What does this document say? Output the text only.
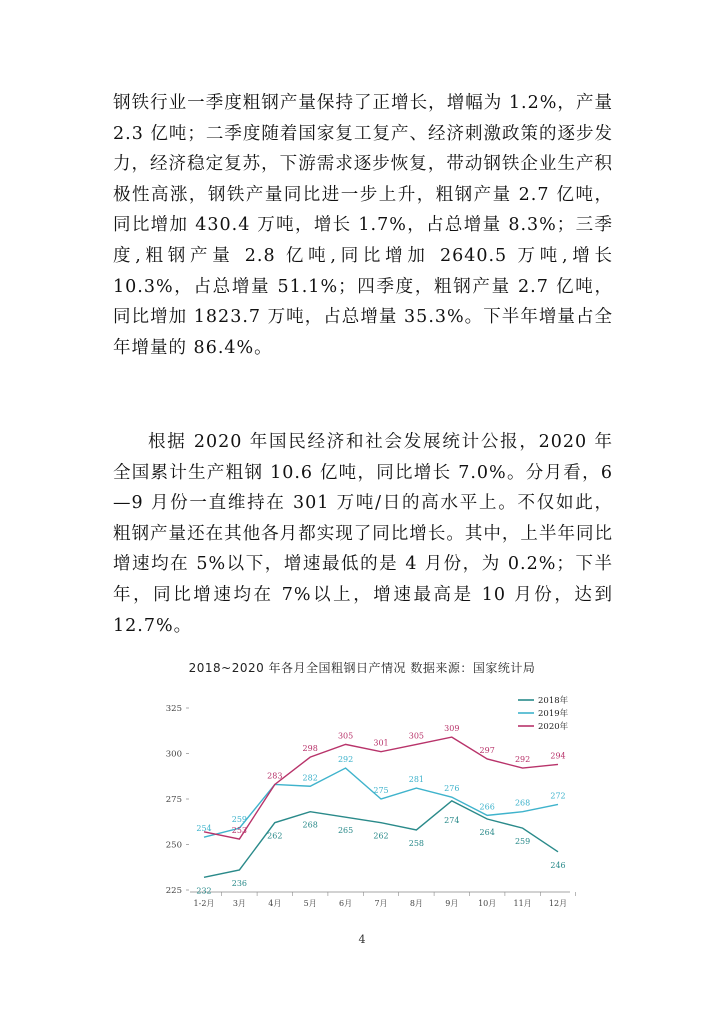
钢铁行业一季度粗钢产量保持了正增长，增幅为 1.2%，产量 2.3 亿吨；二季度随着国家复工复产、经济刺激政策的逐步发力，经济稳定复苏，下游需求逐步恢复，带动钢铁企业生产积极性高涨，钢铁产量同比进一步上升，粗钢产量 2.7 亿吨，同比增加 430.4 万吨，增长 1.7%，占总增量 8.3%；三季度,粗钢产量 2.8 亿吨,同比增加 2640.5 万吨,增长 10.3%，占总增量 51.1%；四季度，粗钢产量 2.7 亿吨，同比增加 1823.7 万吨，占总增量 35.3%。下半年增量占全年增量的 86.4%。

根据 2020 年国民经济和社会发展统计公报，2020 年全国累计生产粗钢 10.6 亿吨，同比增长 7.0%。分月看，6—9 月份一直维持在 301 万吨/日的高水平上。不仅如此，粗钢产量还在其他各月都实现了同比增长。其中，上半年同比增速均在 5%以下，增速最低的是 4 月份，为 0.2%；下半年，同比增速均在 7%以上，增速最高是 10 月份，达到 12.7%。

2018~2020 年各月全国粗钢日产情况 数据来源：国家统计局
225
250
275
300
325
1-2月 3月	4月	5月	6月	7月	8月	9月 10月 11月 12月
232
236
262
268
265
262
258
274
264
259
246
254
259
282
292
275
281
276
266	268
272
253
283
298
305
301
305
309
297
292	294
2018年
2019年
2020年
4
